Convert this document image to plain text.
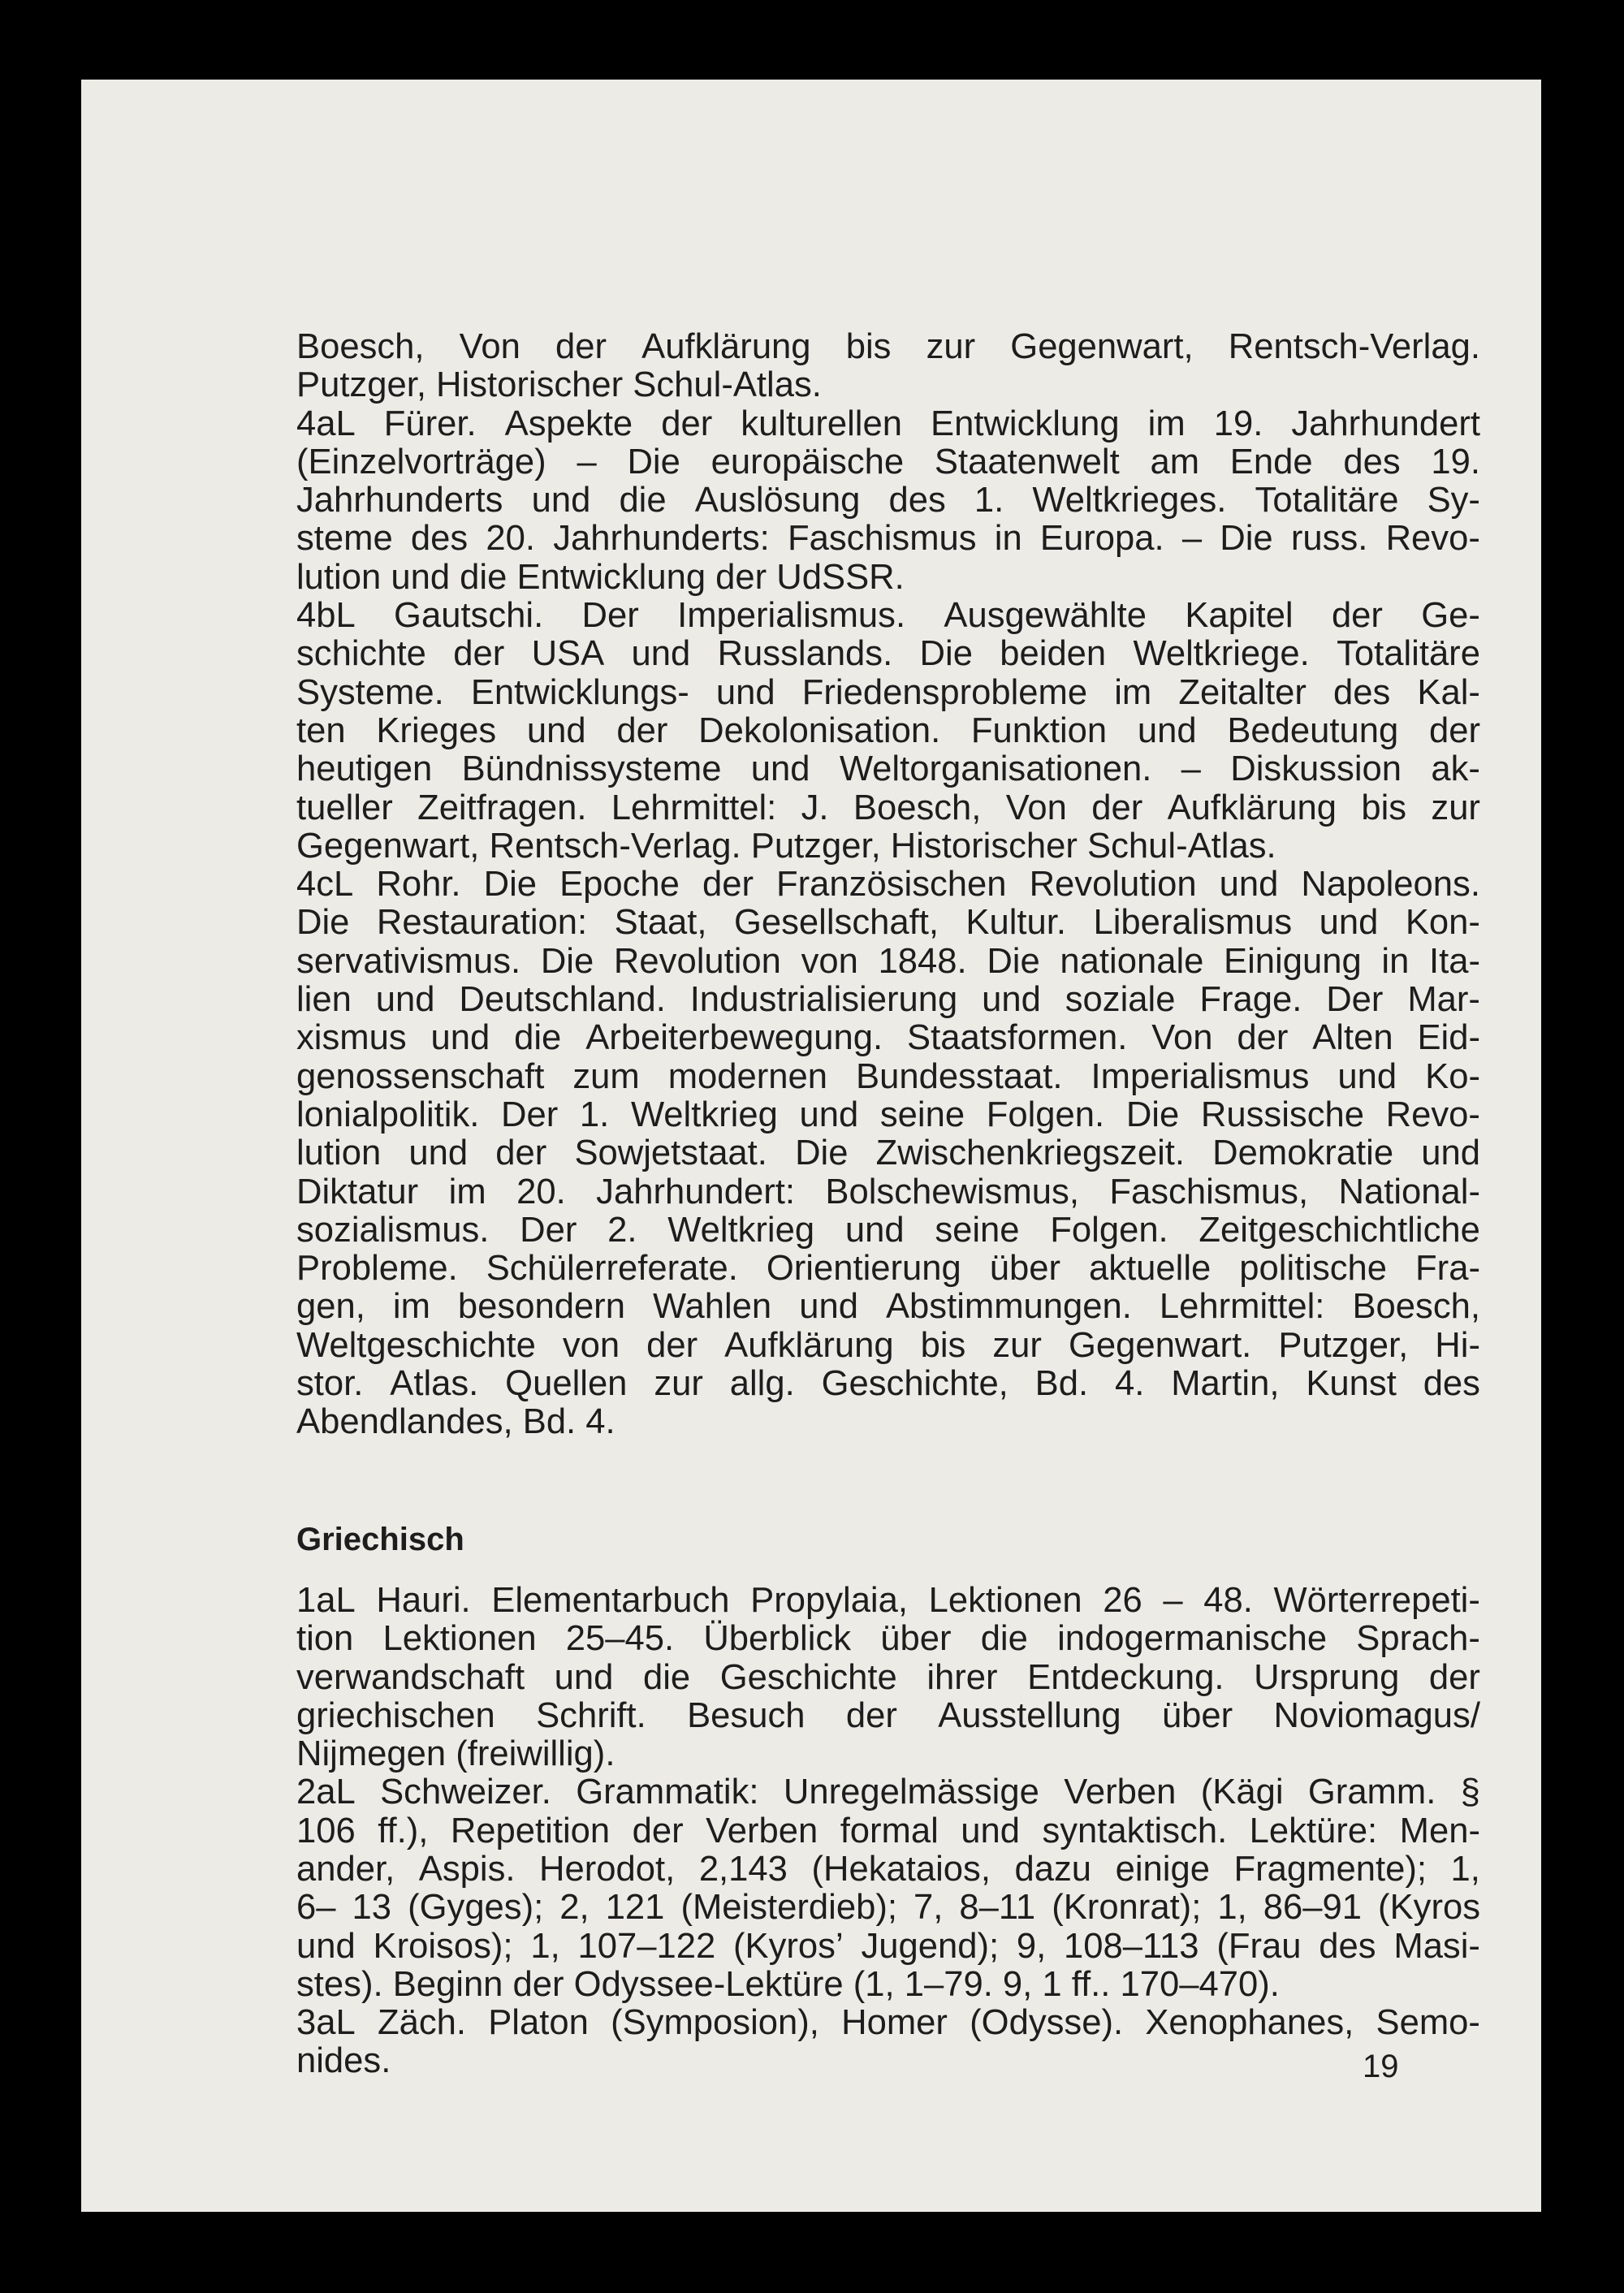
Boesch, Von der Aufklärung bis zur Gegenwart, Rentsch-Verlag.
Putzger, Historischer Schul-Atlas.
4aL Fürer. Aspekte der kulturellen Entwicklung im 19. Jahrhundert
(Einzelvorträge) – Die europäische Staatenwelt am Ende des 19.
Jahrhunderts und die Auslösung des 1. Weltkrieges. Totalitäre Sy-
steme des 20. Jahrhunderts: Faschismus in Europa. – Die russ. Revo-
lution und die Entwicklung der UdSSR.
4bL Gautschi. Der Imperialismus. Ausgewählte Kapitel der Ge-
schichte der USA und Russlands. Die beiden Weltkriege. Totalitäre
Systeme. Entwicklungs- und Friedensprobleme im Zeitalter des Kal-
ten Krieges und der Dekolonisation. Funktion und Bedeutung der
heutigen Bündnissysteme und Weltorganisationen. – Diskussion ak-
tueller Zeitfragen. Lehrmittel: J. Boesch, Von der Aufklärung bis zur
Gegenwart, Rentsch-Verlag. Putzger, Historischer Schul-Atlas.
4cL Rohr. Die Epoche der Französischen Revolution und Napoleons.
Die Restauration: Staat, Gesellschaft, Kultur. Liberalismus und Kon-
servativismus. Die Revolution von 1848. Die nationale Einigung in Ita-
lien und Deutschland. Industrialisierung und soziale Frage. Der Mar-
xismus und die Arbeiterbewegung. Staatsformen. Von der Alten Eid-
genossenschaft zum modernen Bundesstaat. Imperialismus und Ko-
lonialpolitik. Der 1. Weltkrieg und seine Folgen. Die Russische Revo-
lution und der Sowjetstaat. Die Zwischenkriegszeit. Demokratie und
Diktatur im 20. Jahrhundert: Bolschewismus, Faschismus, National-
sozialismus. Der 2. Weltkrieg und seine Folgen. Zeitgeschichtliche
Probleme. Schülerreferate. Orientierung über aktuelle politische Fra-
gen, im besondern Wahlen und Abstimmungen. Lehrmittel: Boesch,
Weltgeschichte von der Aufklärung bis zur Gegenwart. Putzger, Hi-
stor. Atlas. Quellen zur allg. Geschichte, Bd. 4. Martin, Kunst des
Abendlandes, Bd. 4.
Griechisch
1aL Hauri. Elementarbuch Propylaia, Lektionen 26 – 48. Wörterrepeti-
tion Lektionen 25–45. Überblick über die indogermanische Sprach-
verwandschaft und die Geschichte ihrer Entdeckung. Ursprung der
griechischen Schrift. Besuch der Ausstellung über Noviomagus/
Nijmegen (freiwillig).
2aL Schweizer. Grammatik: Unregelmässige Verben (Kägi Gramm. §
106 ff.), Repetition der Verben formal und syntaktisch. Lektüre: Men-
ander, Aspis. Herodot, 2,143 (Hekataios, dazu einige Fragmente); 1,
6– 13 (Gyges); 2, 121 (Meisterdieb); 7, 8–11 (Kronrat); 1, 86–91 (Kyros
und Kroisos); 1, 107–122 (Kyros’ Jugend); 9, 108–113 (Frau des Masi-
stes). Beginn der Odyssee-Lektüre (1, 1–79. 9, 1 ff.. 170–470).
3aL Zäch. Platon (Symposion), Homer (Odysse). Xenophanes, Semo-
nides.	19
